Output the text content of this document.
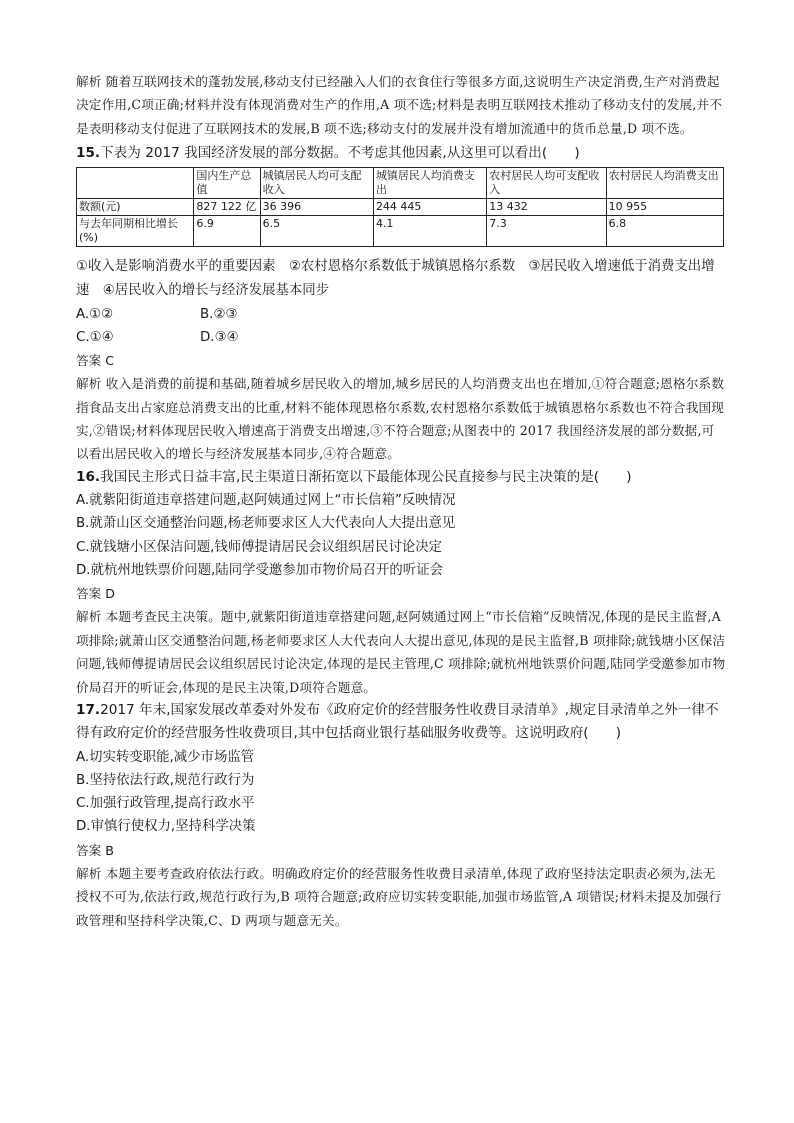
解析 随着互联网技术的蓬勃发展,移动支付已经融入人们的衣食住行等很多方面,这说明生产决定消费,生产对消费起决定作用,C项正确;材料并没有体现消费对生产的作用,A 项不选;材料是表明互联网技术推动了移动支付的发展,并不是表明移动支付促进了互联网技术的发展,B 项不选;移动支付的发展并没有增加流通中的货币总量,D 项不选。

15.下表为 2017 我国经济发展的部分数据。不考虑其他因素,从这里可以看出(　　)

	国内生产总值	城镇居民人均可支配收入	城镇居民人均消费支出	农村居民人均可支配收入	农村居民人均消费支出
数额(元)	827 122 亿	36 396	244 445	13 432	10 955
与去年同期相比增长(%)	6.9	6.5	4.1	7.3	6.8

①收入是影响消费水平的重要因素　②农村恩格尔系数低于城镇恩格尔系数　③居民收入增速低于消费支出增速　④居民收入的增长与经济发展基本同步

A.①②	B.②③
C.①④	D.③④

答案 C

解析 收入是消费的前提和基础,随着城乡居民收入的增加,城乡居民的人均消费支出也在增加,①符合题意;恩格尔系数指食品支出占家庭总消费支出的比重,材料不能体现恩格尔系数,农村恩格尔系数低于城镇恩格尔系数也不符合我国现实,②错误;材料体现居民收入增速高于消费支出增速,③不符合题意;从图表中的 2017 我国经济发展的部分数据,可以看出居民收入的增长与经济发展基本同步,④符合题意。

16.我国民主形式日益丰富,民主渠道日渐拓宽以下最能体现公民直接参与民主决策的是(　　)

A.就紫阳街道违章搭建问题,赵阿姨通过网上“市长信箱”反映情况

B.就萧山区交通整治问题,杨老师要求区人大代表向人大提出意见

C.就钱塘小区保洁问题,钱师傅提请居民会议组织居民讨论决定

D.就杭州地铁票价问题,陆同学受邀参加市物价局召开的听证会

答案 D

解析 本题考查民主决策。题中,就紫阳街道违章搭建问题,赵阿姨通过网上“市长信箱”反映情况,体现的是民主监督,A 项排除;就萧山区交通整治问题,杨老师要求区人大代表向人大提出意见,体现的是民主监督,B 项排除;就钱塘小区保洁问题,钱师傅提请居民会议组织居民讨论决定,体现的是民主管理,C 项排除;就杭州地铁票价问题,陆同学受邀参加市物价局召开的听证会,体现的是民主决策,D项符合题意。

17.2017 年末,国家发展改革委对外发布《政府定价的经营服务性收费目录清单》,规定目录清单之外一律不得有政府定价的经营服务性收费项目,其中包括商业银行基础服务收费等。这说明政府(　　)

A.切实转变职能,减少市场监管

B.坚持依法行政,规范行政行为

C.加强行政管理,提高行政水平

D.审慎行使权力,坚持科学决策

答案 B

解析 本题主要考查政府依法行政。明确政府定价的经营服务性收费目录清单,体现了政府坚持法定职责必须为,法无授权不可为,依法行政,规范行政行为,B 项符合题意;政府应切实转变职能,加强市场监管,A 项错误;材料未提及加强行政管理和坚持科学决策,C、D 两项与题意无关。
